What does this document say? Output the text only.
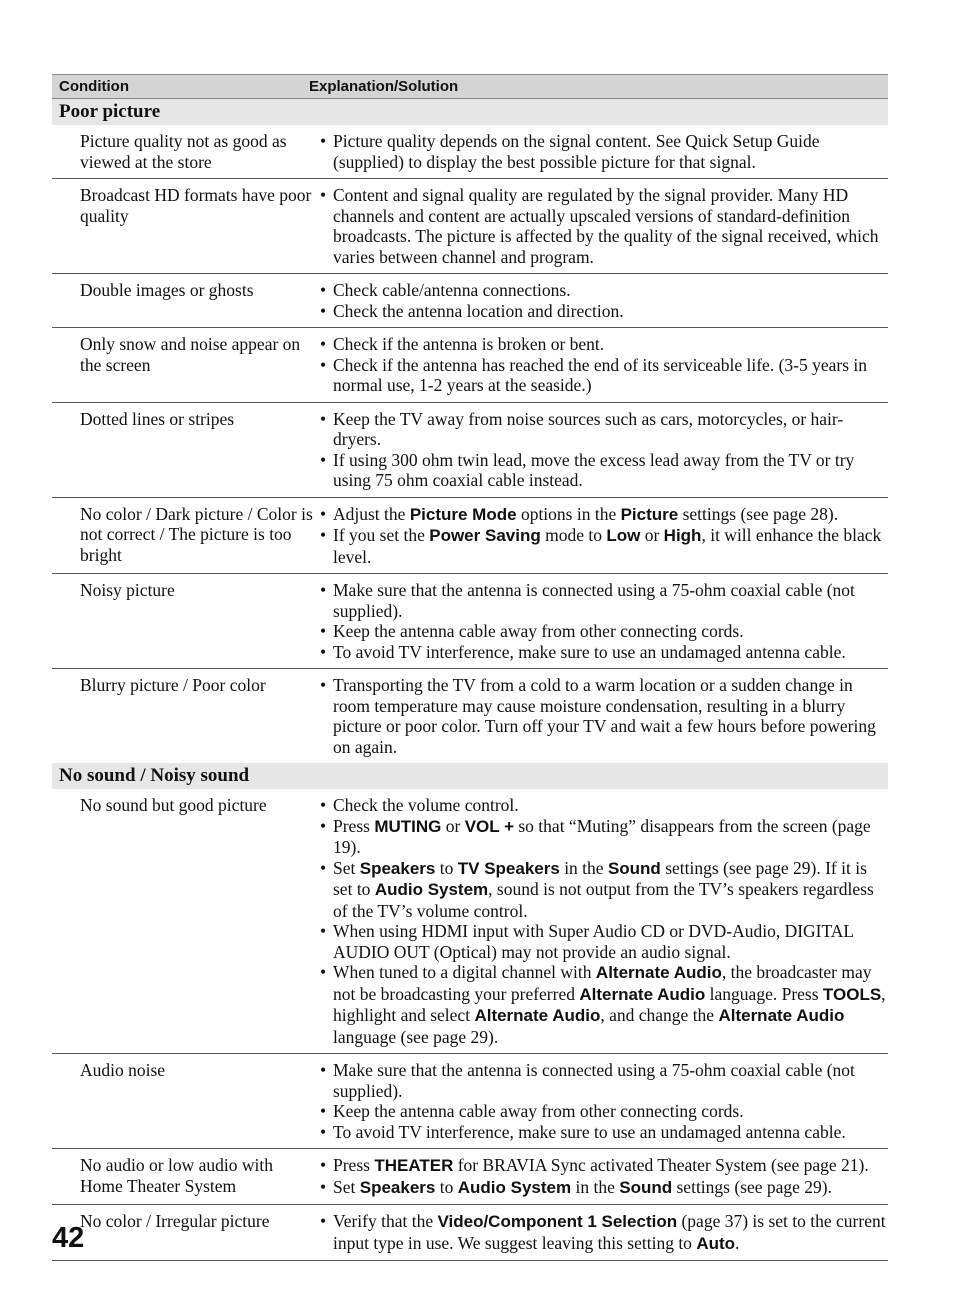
Condition	Explanation/Solution
Poor picture
Picture quality not as good as viewed at the store
• Picture quality depends on the signal content. See Quick Setup Guide (supplied) to display the best possible picture for that signal.
Broadcast HD formats have poor quality
• Content and signal quality are regulated by the signal provider. Many HD channels and content are actually upscaled versions of standard-definition broadcasts. The picture is affected by the quality of the signal received, which varies between channel and program.
Double images or ghosts	• Check cable/antenna connections.
• Check the antenna location and direction.
Only snow and noise appear on the screen
• Check if the antenna is broken or bent.
• Check if the antenna has reached the end of its serviceable life. (3-5 years in normal use, 1-2 years at the seaside.)
Dotted lines or stripes	• Keep the TV away from noise sources such as cars, motorcycles, or hair-dryers.
• If using 300 ohm twin lead, move the excess lead away from the TV or try using 75 ohm coaxial cable instead.
No color / Dark picture / Color is not correct / The picture is too bright
• Adjust the Picture Mode options in the Picture settings (see page 28).
• If you set the Power Saving mode to Low or High, it will enhance the black level.
Noisy picture	• Make sure that the antenna is connected using a 75-ohm coaxial cable (not supplied).
• Keep the antenna cable away from other connecting cords.
• To avoid TV interference, make sure to use an undamaged antenna cable.
Blurry picture / Poor color	• Transporting the TV from a cold to a warm location or a sudden change in room temperature may cause moisture condensation, resulting in a blurry picture or poor color. Turn off your TV and wait a few hours before powering on again.
No sound / Noisy sound
No sound but good picture	• Check the volume control.
• Press MUTING or VOL + so that “Muting” disappears from the screen (page 19).
• Set Speakers to TV Speakers in the Sound settings (see page 29). If it is set to Audio System, sound is not output from the TV’s speakers regardless of the TV’s volume control.
• When using HDMI input with Super Audio CD or DVD-Audio, DIGITAL AUDIO OUT (Optical) may not provide an audio signal.
• When tuned to a digital channel with Alternate Audio, the broadcaster may not be broadcasting your preferred Alternate Audio language. Press TOOLS, highlight and select Alternate Audio, and change the Alternate Audio language (see page 29).
Audio noise	• Make sure that the antenna is connected using a 75-ohm coaxial cable (not supplied).
• Keep the antenna cable away from other connecting cords.
• To avoid TV interference, make sure to use an undamaged antenna cable.
No audio or low audio with Home Theater System
• Press THEATER for BRAVIA Sync activated Theater System (see page 21).
• Set Speakers to Audio System in the Sound settings (see page 29).
No color / Irregular picture	• Verify that the Video/Component 1 Selection (page 37) is set to the current input type in use. We suggest leaving this setting to Auto.
42
